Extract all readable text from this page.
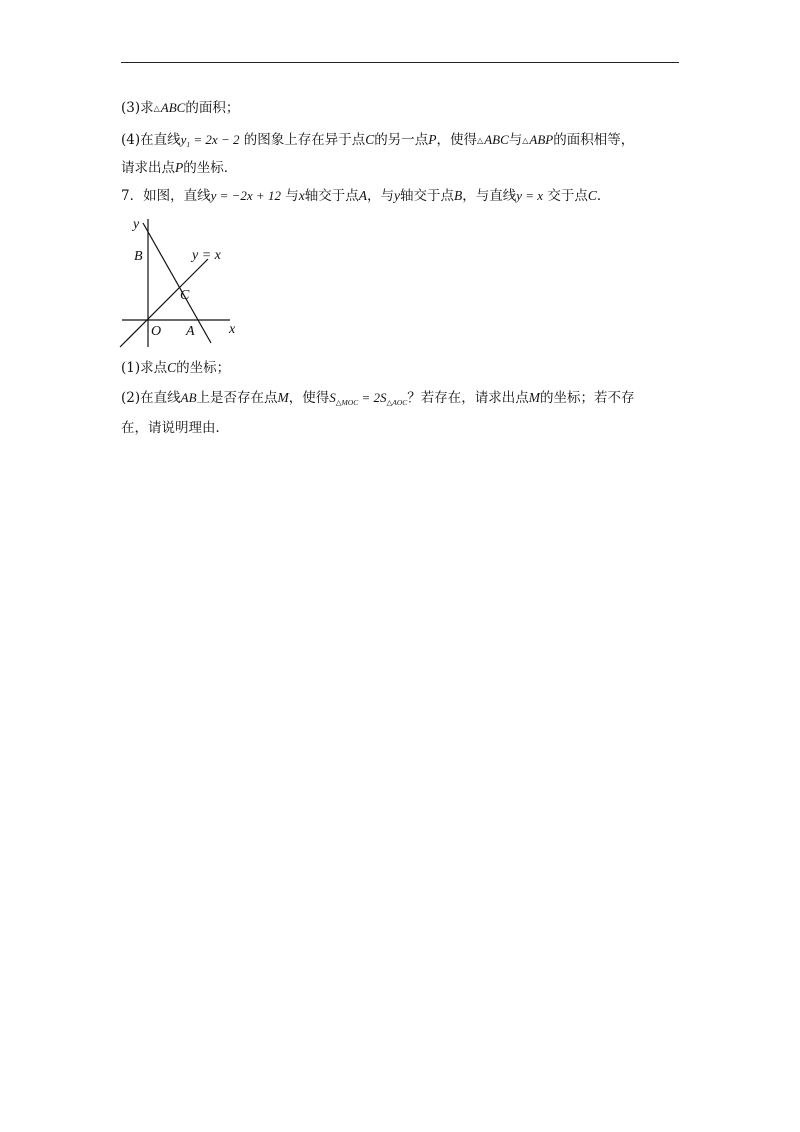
(3)求△ABC的面积；
(4)在直线$y_1 = 2x - 2$ 的图象上存在异于点C的另一点P，使得△ABC与△ABP的面积相等，
请求出点P的坐标．
7．如图，直线y = −2x + 12 与x轴交于点A，与y轴交于点B，与直线y = x 交于点C．
y
x
B
C
O A
y = x
(1)求点C的坐标；
(2)在直线AB上是否存在点M，使得$S_{\triangle MOC} = 2S_{\triangle AOC}$？若存在，请求出点M的坐标；若不存
在，请说明理由．
